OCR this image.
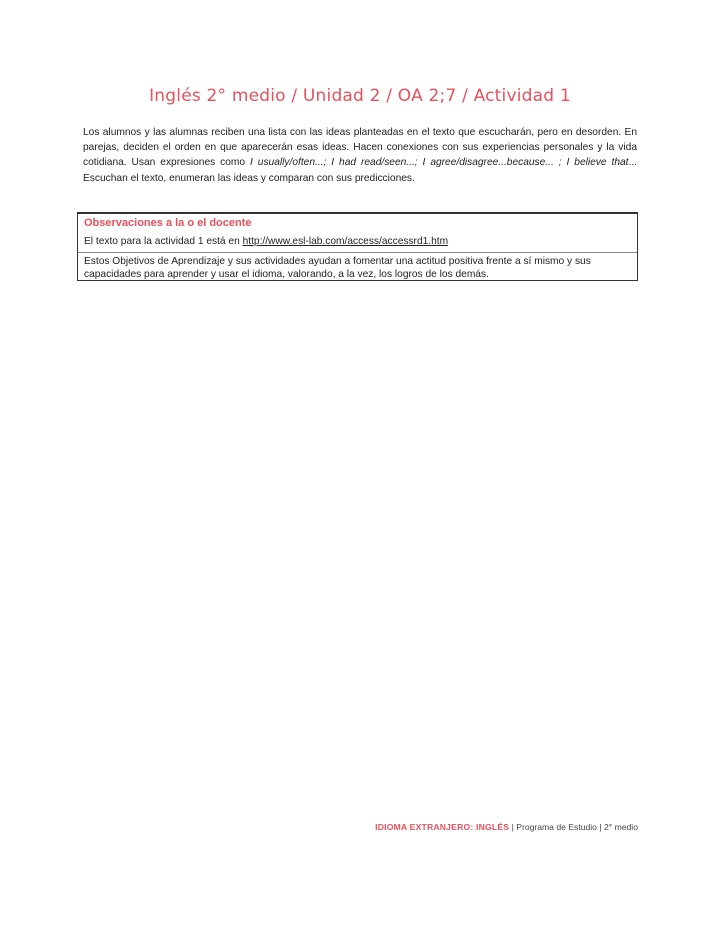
Inglés 2° medio / Unidad 2 / OA 2;7 / Actividad 1
Los alumnos y las alumnas reciben una lista con las ideas planteadas en el texto que escucharán, pero en desorden. En parejas, deciden el orden en que aparecerán esas ideas. Hacen conexiones con sus experiencias personales y la vida cotidiana. Usan expresiones como I usually/often...; I had read/seen...; I agree/disagree...because... ; I believe that... Escuchan el texto, enumeran las ideas y comparan con sus predicciones.
Observaciones a la o el docente
El texto para la actividad 1 está en http://www.esl-lab.com/access/accessrd1.htm
Estos Objetivos de Aprendizaje y sus actividades ayudan a fomentar una actitud positiva frente a sí mismo y sus capacidades para aprender y usar el idioma, valorando, a la vez, los logros de los demás.
IDIOMA EXTRANJERO: INGLÉS | Programa de Estudio | 2° medio
